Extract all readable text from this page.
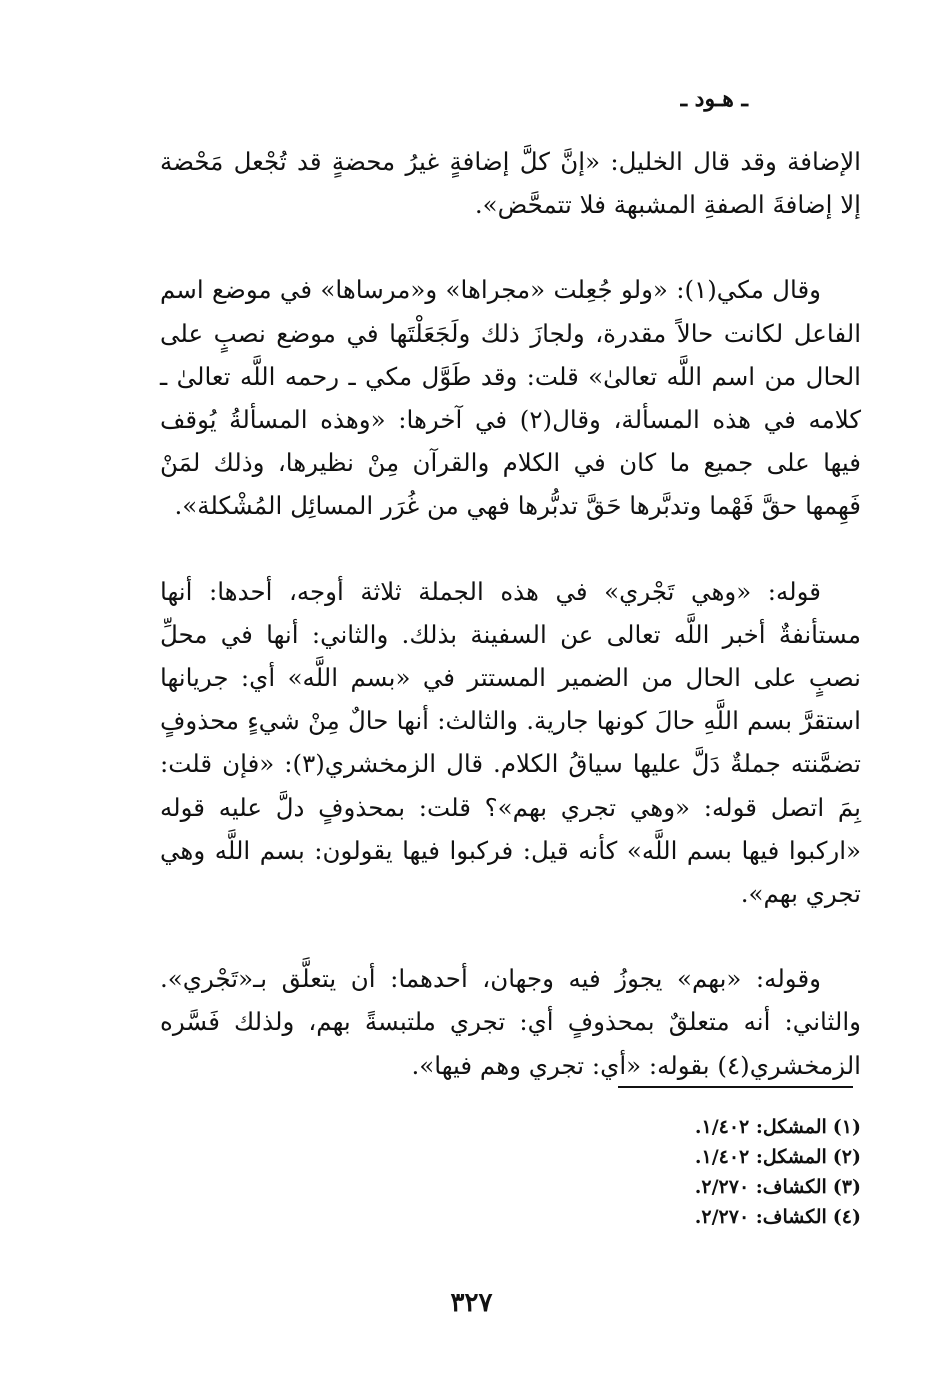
ـ هـود ـ

الإضافة وقد قال الخليل: «إنَّ كلَّ إضافةٍ غيرُ محضةٍ قد تُجْعل مَحْضة إلا إضافةَ الصفةِ المشبهة فلا تتمحَّض».

وقال مكي(١): «ولو جُعِلت «مجراها» و«مرساها» في موضع اسم الفاعل لكانت حالاً مقدرة، ولجازَ ذلك ولَجَعَلْتَها في موضع نصبٍ على الحال من اسم اللَّه تعالىٰ» قلت: وقد طَوَّل مكي ـ رحمه اللَّه تعالىٰ ـ كلامه في هذه المسألة، وقال(٢) في آخرها: «وهذه المسألةُ يُوقف فيها على جميع ما كان في الكلام والقرآن مِنْ نظيرها، وذلك لمَنْ فَهِمها حقَّ فَهْما وتدبَّرها حَقَّ تدبُّرها فهي من غُرَر المسائِل المُشْكلة».

قوله: «وهي تَجْري» في هذه الجملة ثلاثة أوجه، أحدها: أنها مستأنفةٌ أخبر اللَّه تعالى عن السفينة بذلك. والثاني: أنها في محلِّ نصبٍ على الحال من الضمير المستتر في «بسم اللَّه» أي: جريانها استقرَّ بسم اللَّهِ حالَ كونها جارية. والثالث: أنها حالٌ مِنْ شيءٍ محذوفٍ تضمَّنته جملةٌ دَلَّ عليها سياقُ الكلام. قال الزمخشري(٣): «فإن قلت: بِمَ اتصل قوله: «وهي تجري بهم»؟ قلت: بمحذوفٍ دلَّ عليه قوله «اركبوا فيها بسم اللَّه» كأنه قيل: فركبوا فيها يقولون: بسم اللَّه وهي تجري بهم».

وقوله: «بهم» يجوزُ فيه وجهان، أحدهما: أن يتعلَّق بـ«تَجْري». والثاني: أنه متعلقٌ بمحذوفٍ أي: تجري ملتبسةً بهم، ولذلك فَسَّره الزمخشري(٤) بقوله: «أي: تجري وهم فيها».

(١)المشكل: ١/٤٠٢.
(٢)المشكل: ١/٤٠٢.
(٣)الكشاف: ٢/٢٧٠.
(٤)الكشاف: ٢/٢٧٠.
٣٢٧
